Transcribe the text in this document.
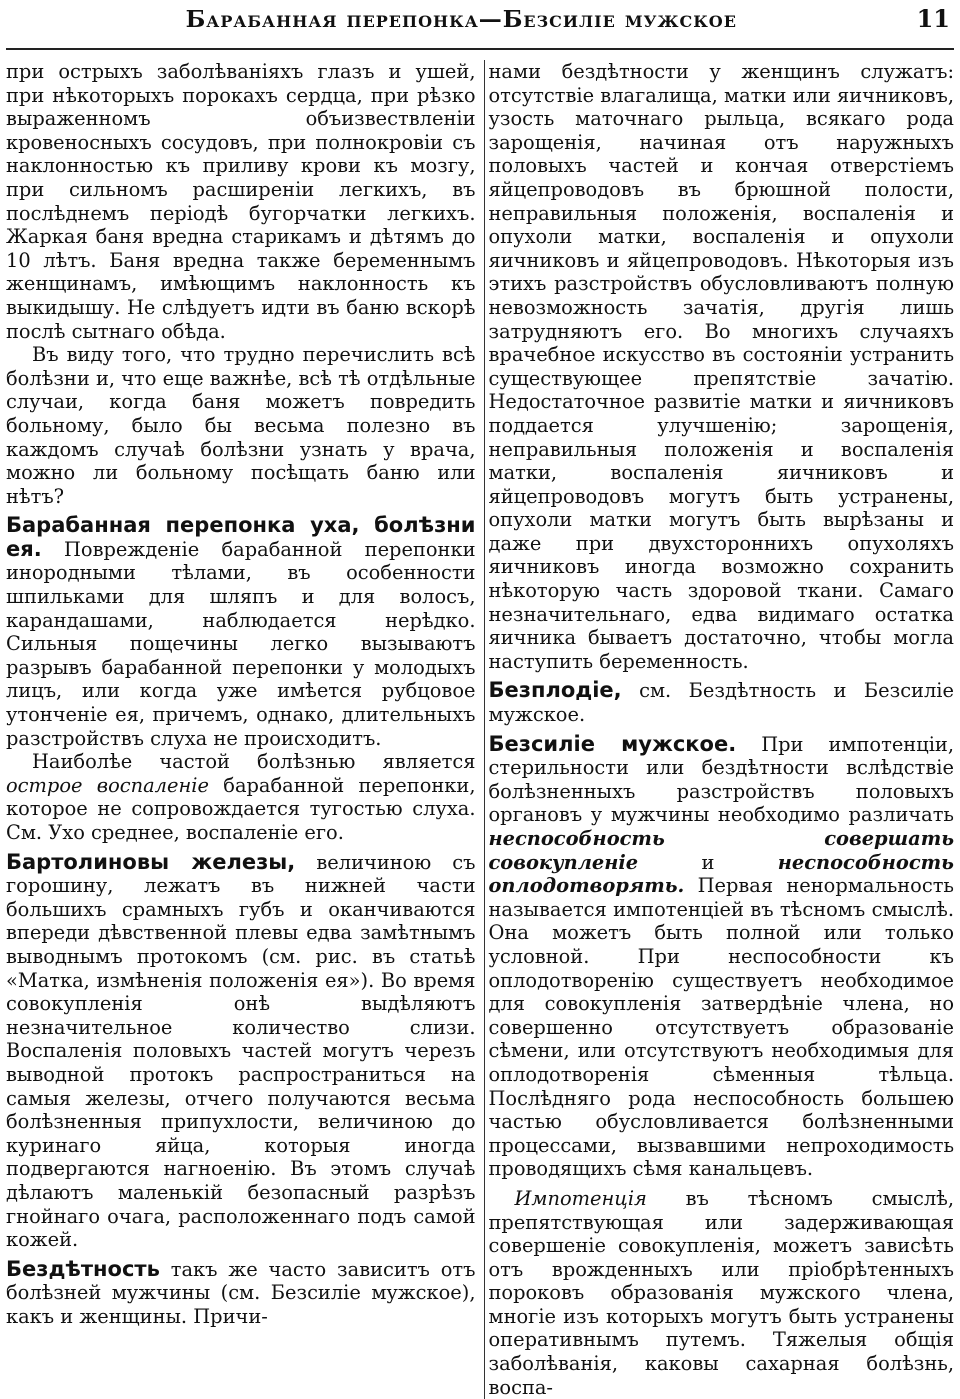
Барабанная перепонка—Безсилiе мужское	11

при острыхъ заболѣванiяхъ глазъ и ушей, при нѣкоторыхъ порокахъ сердца, при рѣзко выраженномъ объизвествленiи кровеносныхъ сосудовъ, при полнокровiи съ наклонностью къ приливу крови къ мозгу, при сильномъ расширенiи легкихъ, въ послѣднемъ перiодѣ бугорчатки легкихъ. Жаркая баня вредна старикамъ и дѣтямъ до 10 лѣтъ. Баня вредна также беременнымъ женщинамъ, имѣющимъ наклонность къ выкидышу. Не слѣдуетъ идти въ баню вскорѣ послѣ сытнаго обѣда.

Въ виду того, что трудно перечислить всѣ болѣзни и, что еще важнѣе, всѣ тѣ отдѣльные случаи, когда баня можетъ повредить больному, было бы весьма полезно въ каждомъ случаѣ болѣзни узнать у врача, можно ли больному посѣщать баню или нѣтъ?

Барабанная перепонка уха, болѣзни ея. Поврежденiе барабанной перепонки инородными тѣлами, въ особенности шпильками для шляпъ и для волосъ, карандашами, наблюдается нерѣдко. Сильныя пощечины легко вызываютъ разрывъ барабанной перепонки у молодыхъ лицъ, или когда уже имѣется рубцовое утонченiе ея, причемъ, однако, длительныхъ разстройствъ слуха не происходитъ.

Наиболѣе частой болѣзнью является острое воспаленiе барабанной перепонки, которое не сопровождается тугостью слуха. См. Ухо среднее, воспаленiе его.

Бартолиновы железы, величиною съ горошину, лежатъ въ нижней части большихъ срамныхъ губъ и оканчиваются впереди дѣвственной плевы едва замѣтнымъ выводнымъ протокомъ (см. рис. въ статьѣ «Матка, измѣненiя положенiя ея»). Во время совокупленiя онѣ выдѣляютъ незначительное количество слизи. Воспаленiя половыхъ частей могутъ черезъ выводной протокъ распространиться на самыя железы, отчего получаются весьма болѣзненныя припухлости, величиною до куринаго яйца, которыя иногда подвергаются нагноенiю. Въ этомъ случаѣ дѣлаютъ маленькiй безопасный разрѣзъ гнойнаго очага, расположеннаго подъ самой кожей.

Бездѣтность такъ же часто зависитъ отъ болѣзней мужчины (см. Безсилiе мужское), какъ и женщины. Причи-

нами бездѣтности у женщинъ служатъ: отсутствiе влагалища, матки или яичниковъ, узость маточнаго рыльца, всякаго рода зарощенiя, начиная отъ наружныхъ половыхъ частей и кончая отверстiемъ яйцепроводовъ въ брюшной полости, неправильныя положенiя, воспаленiя и опухоли матки, воспаленiя и опухоли яичниковъ и яйцепроводовъ. Нѣкоторыя изъ этихъ разстройствъ обусловливаютъ полную невозможность зачатiя, другiя лишь затрудняютъ его. Во многихъ случаяхъ врачебное искусство въ состоянiи устранить существующее препятствiе зачатiю. Недостаточное развитiе матки и яичниковъ поддается улучшенiю; зарощенiя, неправильныя положенiя и воспаленiя матки, воспаленiя яичниковъ и яйцепроводовъ могутъ быть устранены, опухоли матки могутъ быть вырѣзаны и даже при двухстороннихъ опухоляхъ яичниковъ иногда возможно сохранить нѣкоторую часть здоровой ткани. Самаго незначительнаго, едва видимаго остатка яичника бываетъ достаточно, чтобы могла наступить беременность.

Безплодiе, см. Бездѣтность и Безсилiе мужское.

Безсилiе мужское. При импотенцiи, стерильности или бездѣтности вслѣдствiе болѣзненныхъ разстройствъ половыхъ органовъ у мужчины необходимо различать неспособность совершать совокупленiе	и	неспособность оплодотворять. Первая ненормальность называется импотенцiей въ тѣсномъ смыслѣ. Она можетъ быть полной или только условной. При неспособности къ оплодотворенiю существуетъ необходимое для совокупленiя затвердѣнiе члена, но совершенно отсутствуетъ образованiе сѣмени, или отсутствуютъ необходимыя для оплодотворенiя сѣменныя тѣльца. Послѣдняго рода неспособность большею частью обусловливается болѣзненными процессами, вызвавшими непроходимость проводящихъ сѣмя канальцевъ.

Импотенцiя въ тѣсномъ смыслѣ, препятствующая или задерживающая совершенiе совокупленiя, можетъ зависѣть отъ врожденныхъ или прiобрѣтенныхъ пороковъ образованiя мужского члена, многiе изъ которыхъ могутъ быть устранены оперативнымъ путемъ. Тяжелыя общiя заболѣванiя, каковы сахарная болѣзнь, воспа-
